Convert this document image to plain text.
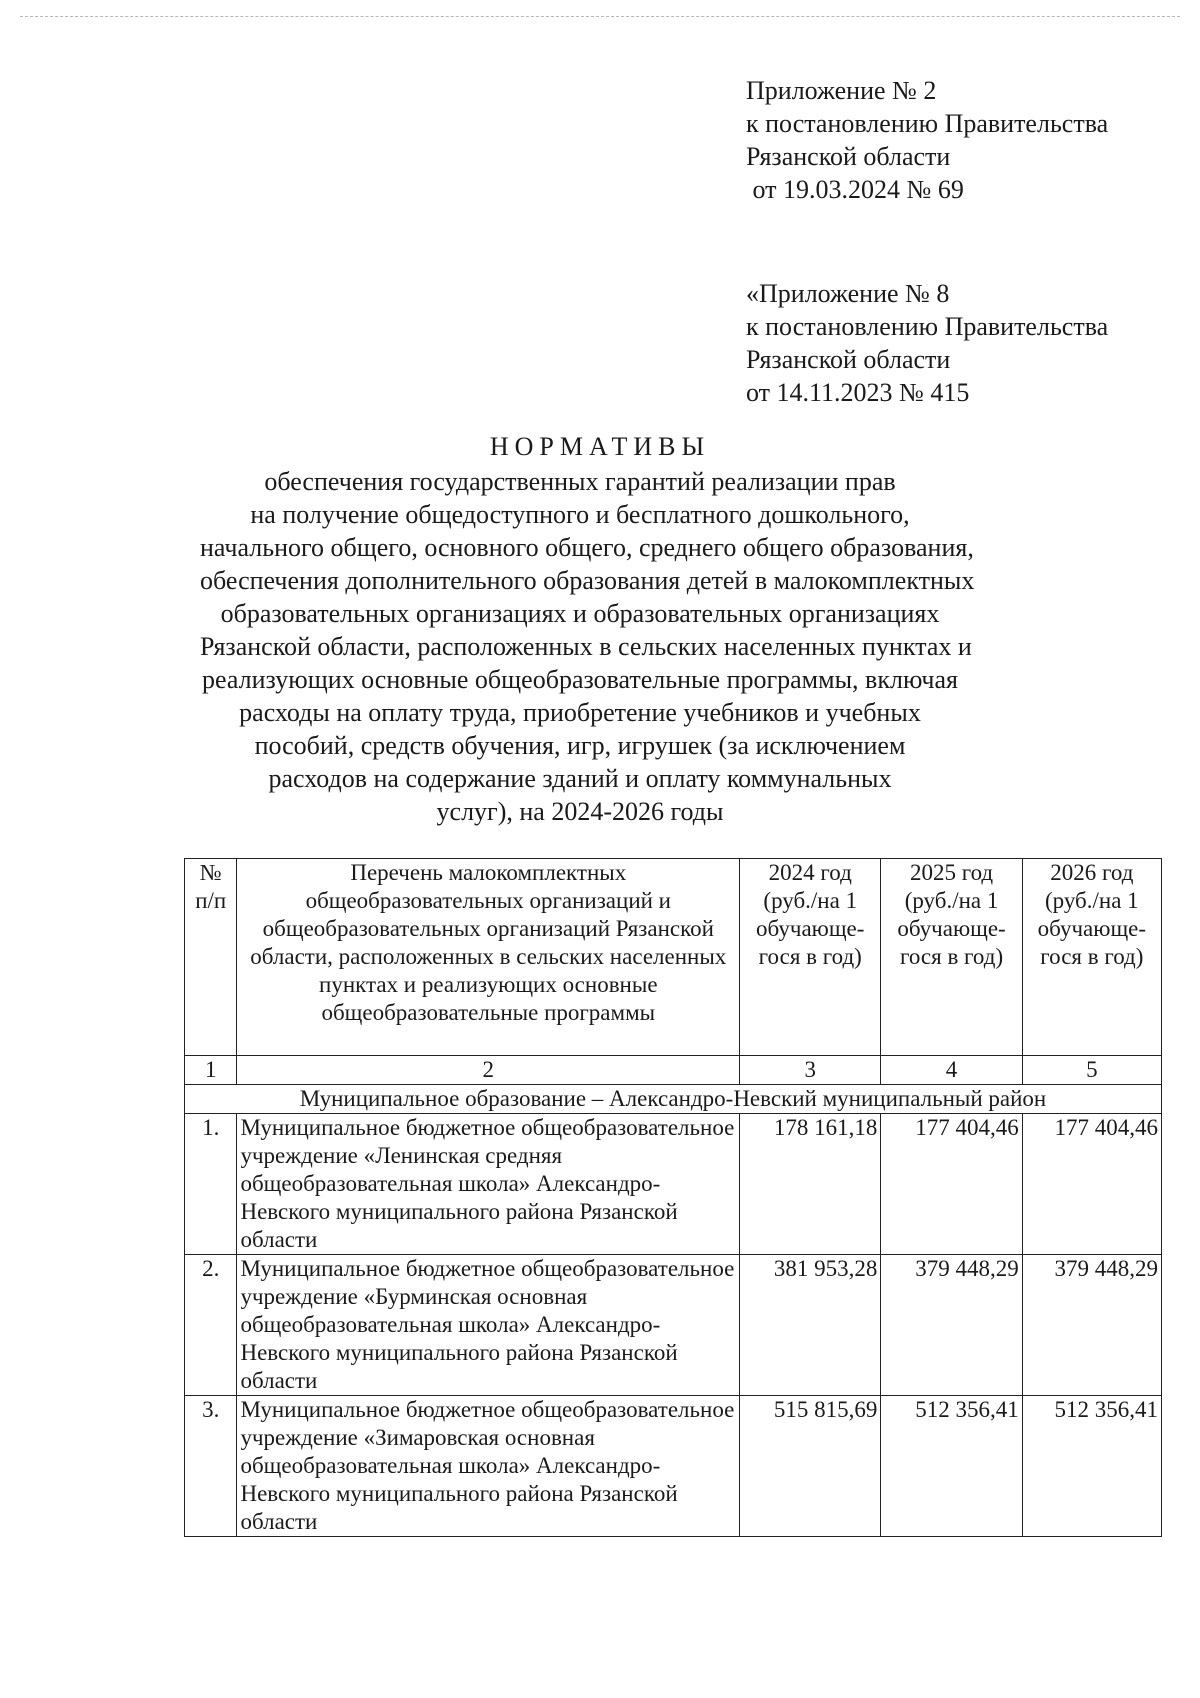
Приложение № 2
к постановлению Правительства
Рязанской области
от 19.03.2024 № 69
«Приложение № 8
к постановлению Правительства
Рязанской области
от 14.11.2023 № 415
НОРМАТИВЫ
обеспечения государственных гарантий реализации прав
на получение общедоступного и бесплатного дошкольного,
начального общего, основного общего, среднего общего образования,
обеспечения дополнительного образования детей в малокомплектных
образовательных организациях и образовательных организациях
Рязанской области, расположенных в сельских населенных пунктах и
реализующих основные общеобразовательные программы, включая
расходы на оплату труда, приобретение учебников и учебных
пособий, средств обучения, игр, игрушек (за исключением
расходов на содержание зданий и оплату коммунальных
услуг), на 2024-2026 годы
№ п/п	Перечень малокомплектных общеобразовательных организаций и общеобразовательных организаций Рязанской области, расположенных в сельских населенных пунктах и реализующих основные общеобразовательные программы	2024 год (руб./на 1 обучающе-гося в год)	2025 год (руб./на 1 обучающе-гося в год)	2026 год (руб./на 1 обучающе-гося в год)
1	2	3	4	5
Муниципальное образование – Александро-Невский муниципальный район				
1.	Муниципальное бюджетное общеобразовательное учреждение «Ленинская средняя общеобразовательная школа» Александро-Невского муниципального района Рязанской области	178 161,18	177 404,46	177 404,46
2.	Муниципальное бюджетное общеобразовательное учреждение «Бурминская основная общеобразовательная школа» Александро-Невского муниципального района Рязанской области	381 953,28	379 448,29	379 448,29
3.	Муниципальное бюджетное общеобразовательное учреждение «Зимаровская основная общеобразовательная школа» Александро-Невского муниципального района Рязанской области	515 815,69	512 356,41	512 356,41
